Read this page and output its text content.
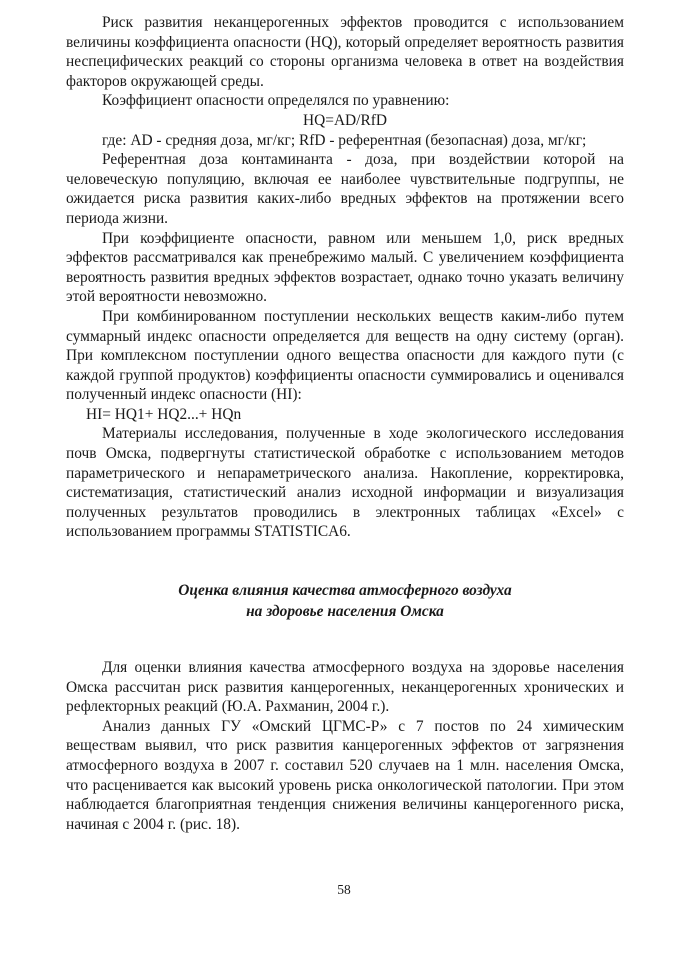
Риск развития неканцерогенных эффектов проводится с использованием величины коэффициента опасности (HQ), который определяет вероятность развития неспецифических реакций со стороны организма человека в ответ на воздействия факторов окружающей среды.

Коэффициент опасности определялся по уравнению:

HQ=AD/RfD

где: AD - средняя доза, мг/кг; RfD - референтная (безопасная) доза, мг/кг;

Референтная доза контаминанта - доза, при воздействии которой на человеческую популяцию, включая ее наиболее чувствительные подгруппы, не ожидается риска развития каких-либо вредных эффектов на протяжении всего периода жизни.

При коэффициенте опасности, равном или меньшем 1,0, риск вредных эффектов рассматривался как пренебрежимо малый. С увеличением коэффициента вероятность развития вредных эффектов возрастает, однако точно указать величину этой вероятности невозможно.

При комбинированном поступлении нескольких веществ каким-либо путем суммарный индекс опасности определяется для веществ на одну систему (орган). При комплексном поступлении одного вещества опасности для каждого пути (с каждой группой продуктов) коэффициенты опасности суммировались и оценивался полученный индекс опасности (HI):

HI= HQ1+ HQ2...+ HQn

Материалы исследования, полученные в ходе экологического исследования почв Омска, подвергнуты статистической обработке с использованием методов параметрического и непараметрического анализа. Накопление, корректировка, систематизация, статистический анализ исходной информации и визуализация полученных результатов проводились в электронных таблицах «Excel» с использованием программы STATISTICA6.

Оценка влияния качества атмосферного воздуха
на здоровье населения Омска

Для оценки влияния качества атмосферного воздуха на здоровье населения Омска рассчитан риск развития канцерогенных, неканцерогенных хронических и рефлекторных реакций (Ю.А. Рахманин, 2004 г.).

Анализ данных ГУ «Омский ЦГМС-Р» с 7 постов по 24 химическим веществам выявил, что риск развития канцерогенных эффектов от загрязнения атмосферного воздуха в 2007 г. составил 520 случаев на 1 млн. населения Омска, что расценивается как высокий уровень риска онкологической патологии. При этом наблюдается благоприятная тенденция снижения величины канцерогенного риска, начиная с 2004 г. (рис. 18).

58
